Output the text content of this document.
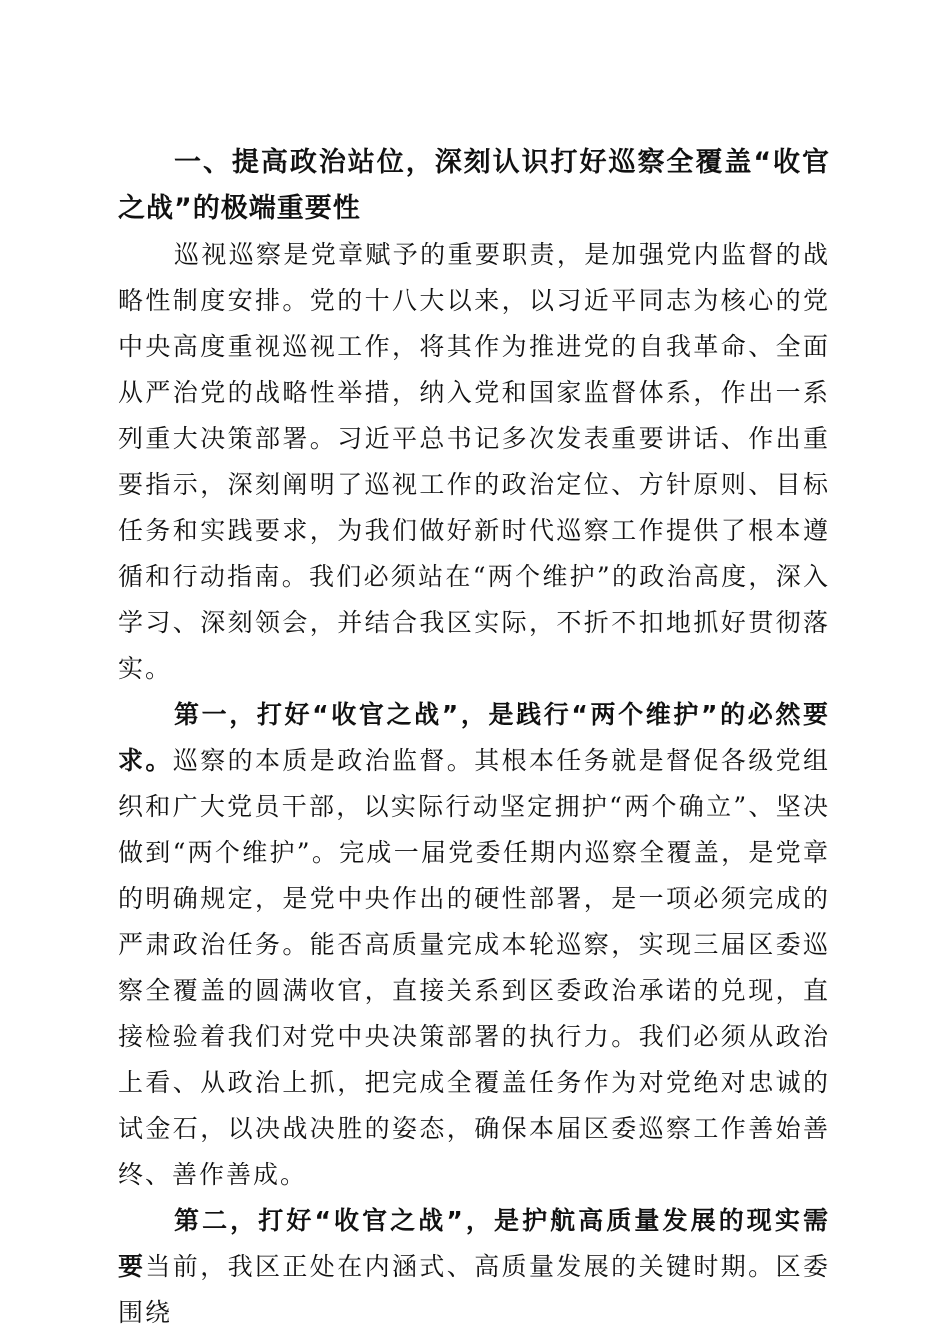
一、提高政治站位，深刻认识打好巡察全覆盖“收官之战”的极端重要性

巡视巡察是党章赋予的重要职责，是加强党内监督的战略性制度安排。党的十八大以来，以习近平同志为核心的党中央高度重视巡视工作，将其作为推进党的自我革命、全面从严治党的战略性举措，纳入党和国家监督体系，作出一系列重大决策部署。习近平总书记多次发表重要讲话、作出重要指示，深刻阐明了巡视工作的政治定位、方针原则、目标任务和实践要求，为我们做好新时代巡察工作提供了根本遵循和行动指南。我们必须站在“两个维护”的政治高度，深入学习、深刻领会，并结合我区实际，不折不扣地抓好贯彻落实。

第一，打好“收官之战”，是践行“两个维护”的必然要求。巡察的本质是政治监督。其根本任务就是督促各级党组织和广大党员干部，以实际行动坚定拥护“两个确立”、坚决做到“两个维护”。完成一届党委任期内巡察全覆盖，是党章的明确规定，是党中央作出的硬性部署，是一项必须完成的严肃政治任务。能否高质量完成本轮巡察，实现三届区委巡察全覆盖的圆满收官，直接关系到区委政治承诺的兑现，直接检验着我们对党中央决策部署的执行力。我们必须从政治上看、从政治上抓，把完成全覆盖任务作为对党绝对忠诚的试金石，以决战决胜的姿态，确保本届区委巡察工作善始善终、善作善成。

第二，打好“收官之战”，是护航高质量发展的现实需要当前，我区正处在内涵式、高质量发展的关键时期。区委围绕
